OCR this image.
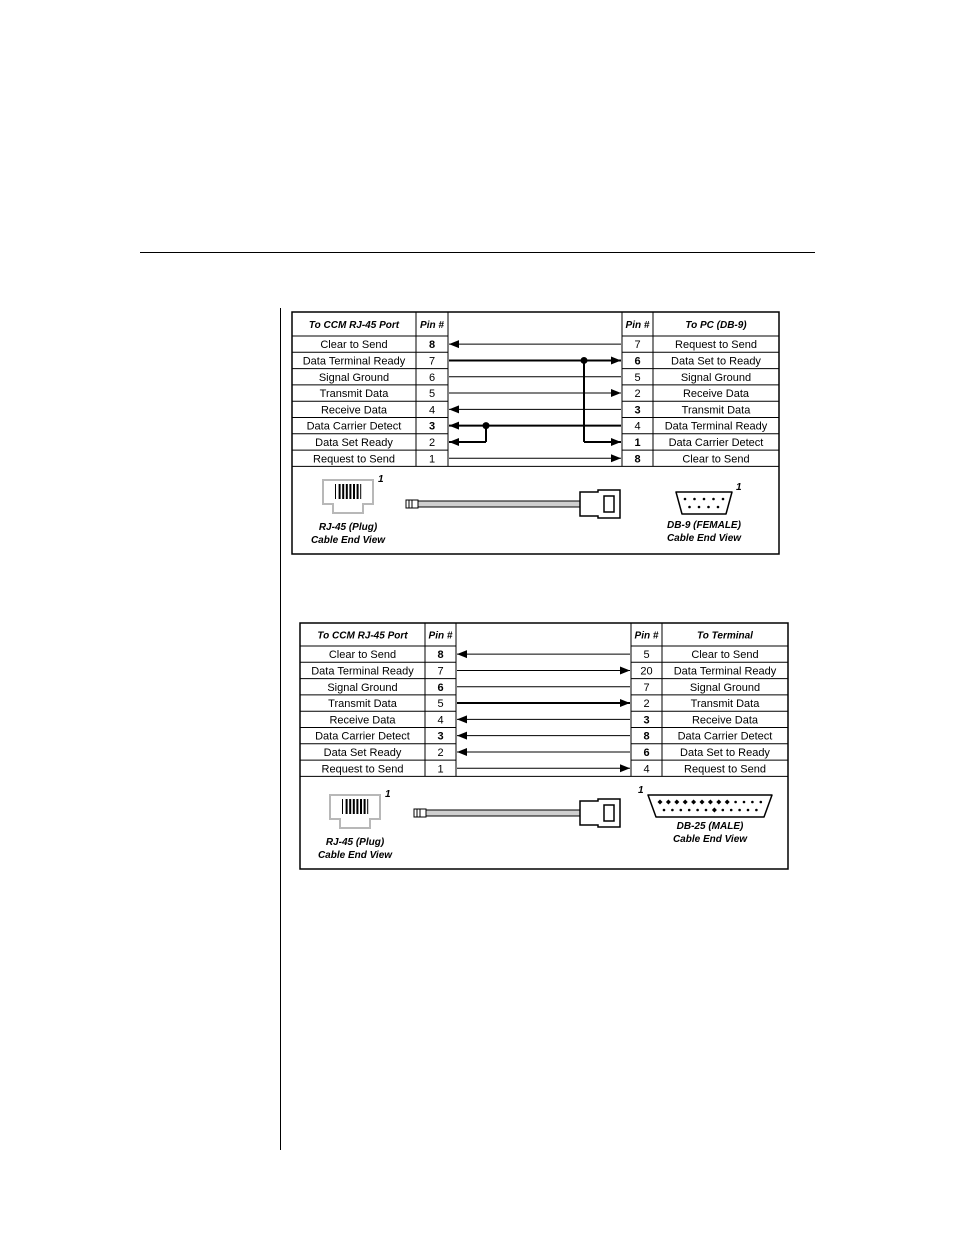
To CCM RJ-45 Port Pin #	Pin #	To PC (DB-9)
Clear to Send	8	7	Request to Send
Data Terminal Ready 7	6	Data Set to Ready
Signal Ground	6	5	Signal Ground
Transmit Data	5	2	Receive Data
Receive Data	4	3	Transmit Data
Data Carrier Detect	3	4 Data Terminal Ready
Data Set Ready	2	1	Data Carrier Detect
Request to Send	1	8	Clear to Send
1
RJ-45 (Plug)
Cable End View
1
DB-9 (FEMALE)
Cable End View
To CCM RJ-45 Port Pin #	Pin #	To Terminal
Clear to Send	8	5	Clear to Send
Data Terminal Ready 7	20 Data Terminal Ready
Signal Ground	6	7	Signal Ground
Transmit Data	5	2	Transmit Data
Receive Data	4	3	Receive Data
Data Carrier Detect	3	8	Data Carrier Detect
Data Set Ready	2	6	Data Set to Ready
Request to Send	1	4	Request to Send
1
RJ-45 (Plug)
Cable End View
1
DB-25 (MALE)
Cable End View
